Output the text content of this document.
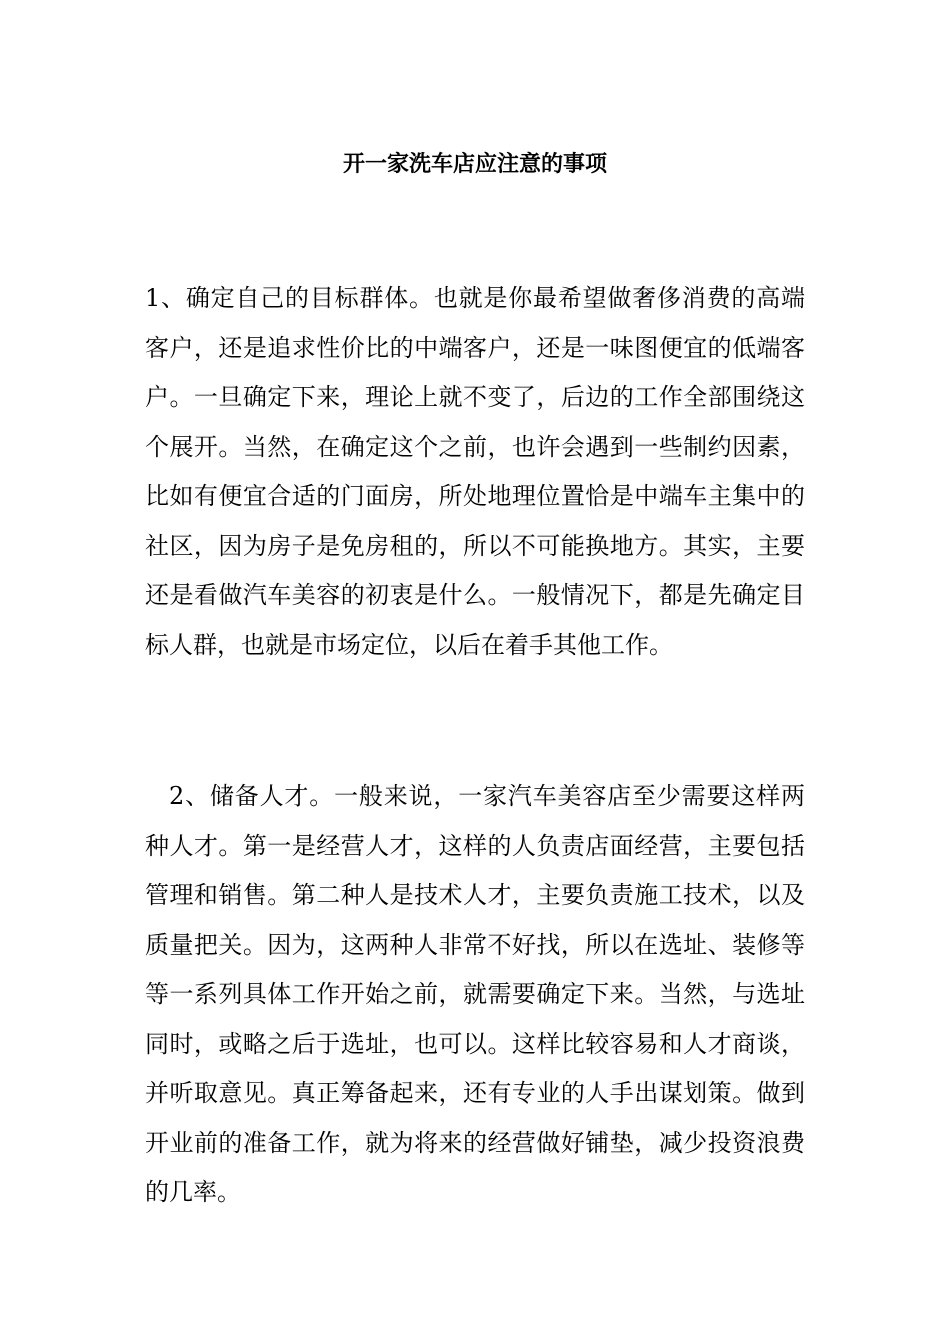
开一家洗车店应注意的事项

1、确定自己的目标群体。也就是你最希望做奢侈消费的高端客户，还是追求性价比的中端客户，还是一味图便宜的低端客户。一旦确定下来，理论上就不变了，后边的工作全部围绕这个展开。当然，在确定这个之前，也许会遇到一些制约因素，比如有便宜合适的门面房，所处地理位置恰是中端车主集中的社区，因为房子是免房租的，所以不可能换地方。其实，主要还是看做汽车美容的初衷是什么。一般情况下，都是先确定目标人群，也就是市场定位，以后在着手其他工作。

2、储备人才。一般来说，一家汽车美容店至少需要这样两种人才。第一是经营人才，这样的人负责店面经营，主要包括管理和销售。第二种人是技术人才，主要负责施工技术，以及质量把关。因为，这两种人非常不好找，所以在选址、装修等等一系列具体工作开始之前，就需要确定下来。当然，与选址同时，或略之后于选址，也可以。这样比较容易和人才商谈，并听取意见。真正筹备起来，还有专业的人手出谋划策。做到开业前的准备工作，就为将来的经营做好铺垫，减少投资浪费的几率。
